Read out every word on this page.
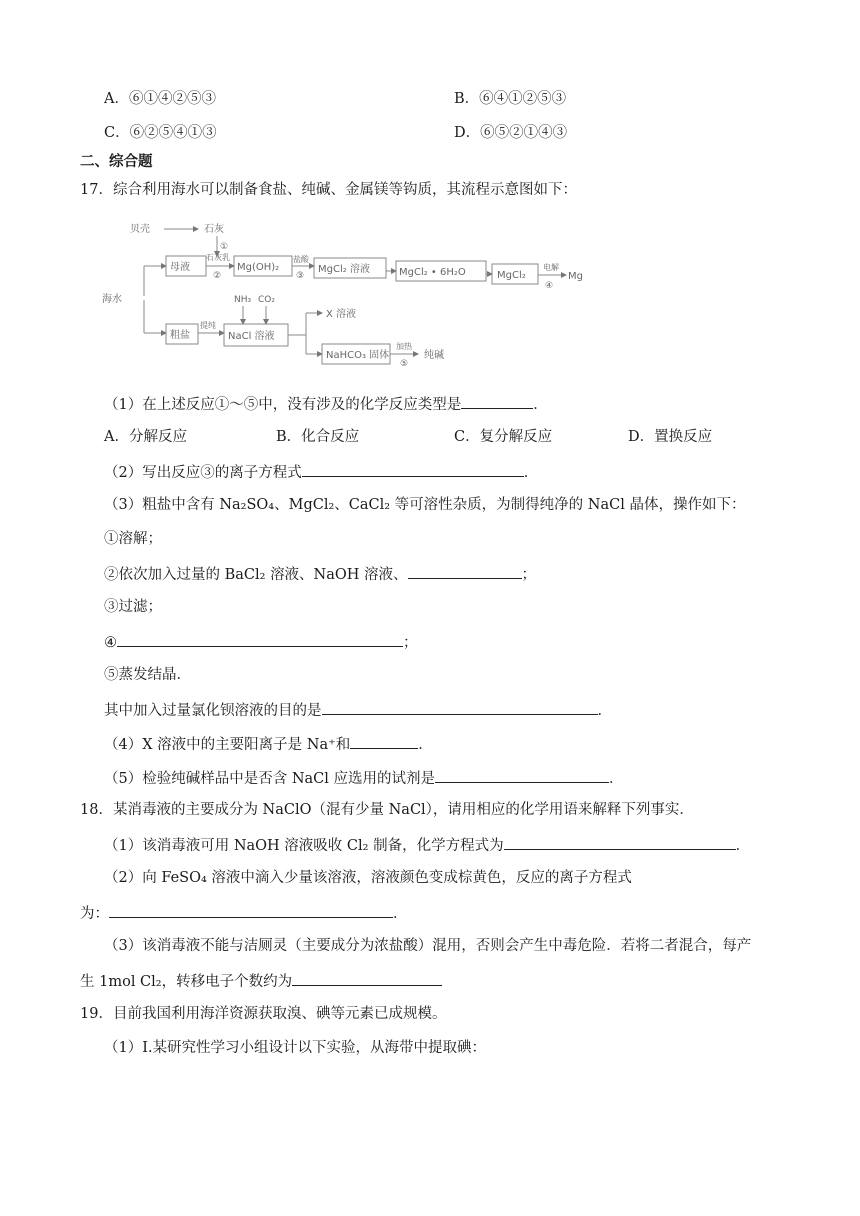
A．⑥①④②⑤③	B．⑥④①②⑤③
C．⑥②⑤④①③	D．⑥⑤②①④③
二、综合题
17．综合利用海水可以制备食盐、纯碱、金属镁等钩质，其流程示意图如下：
贝壳	石灰
①
母液
石灰乳
②
Mg(OH)₂
盐酸
③
MgCl₂ 溶液	MgCl₂ • 6H₂O	MgCl₂
电解
④
Mg
海水
粗盐
提纯
NH₃ CO₂
NaCl 溶液
X 溶液
NaHCO₃ 固体
加热
⑤
纯碱
（1）在上述反应①～⑤中，没有涉及的化学反应类型是	．
A．分解反应	B．化合反应	C．复分解反应	D．置换反应
（2）写出反应③的离子方程式	．
（3）粗盐中含有 Na₂SO₄、MgCl₂、CaCl₂ 等可溶性杂质，为制得纯净的 NaCl 晶体，操作如下：
①溶解；
②依次加入过量的 BaCl₂ 溶液、NaOH 溶液、	；
③过滤；
④	；
⑤蒸发结晶．
其中加入过量氯化钡溶液的目的是	．
（4）X 溶液中的主要阳离子是 Na⁺和	．
（5）检验纯碱样品中是否含 NaCl 应选用的试剂是	．
18．某消毒液的主要成分为 NaClO（混有少量 NaCl），请用相应的化学用语来解释下列事实．
（1）该消毒液可用 NaOH 溶液吸收 Cl₂ 制备，化学方程式为	．
（2）向 FeSO₄ 溶液中滴入少量该溶液，溶液颜色变成棕黄色，反应的离子方程式
为：	．
（3）该消毒液不能与洁厕灵（主要成分为浓盐酸）混用，否则会产生中毒危险．若将二者混合，每产
生 1mol Cl₂，转移电子个数约为
19．目前我国利用海洋资源获取溴、碘等元素已成规模。
（1）Ⅰ.某研究性学习小组设计以下实验，从海带中提取碘：
